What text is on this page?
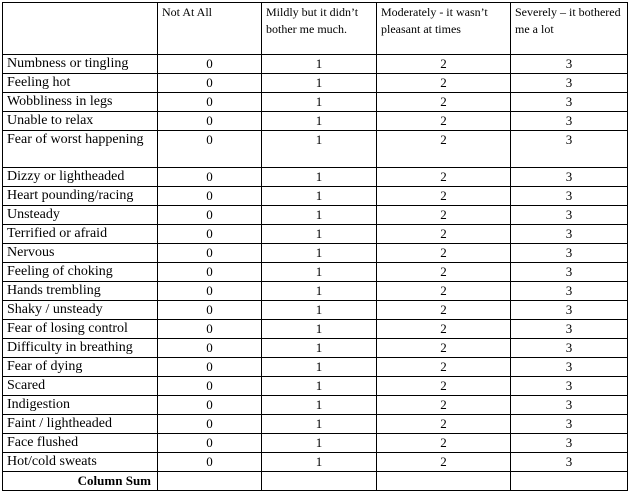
	Not At All	Mildly but it didn’t bother me much.	Moderately - it wasn’t pleasant at times	Severely – it bothered me a lot
Numbness or tingling	0	1	2	3
Feeling hot	0	1	2	3
Wobbliness in legs	0	1	2	3
Unable to relax	0	1	2	3
Fear of worst happening	0	1	2	3
Dizzy or lightheaded	0	1	2	3
Heart pounding/racing	0	1	2	3
Unsteady	0	1	2	3
Terrified or afraid	0	1	2	3
Nervous	0	1	2	3
Feeling of choking	0	1	2	3
Hands trembling	0	1	2	3
Shaky / unsteady	0	1	2	3
Fear of losing control	0	1	2	3
Difficulty in breathing	0	1	2	3
Fear of dying	0	1	2	3
Scared	0	1	2	3
Indigestion	0	1	2	3
Faint / lightheaded	0	1	2	3
Face flushed	0	1	2	3
Hot/cold sweats	0	1	2	3
Column Sum				
